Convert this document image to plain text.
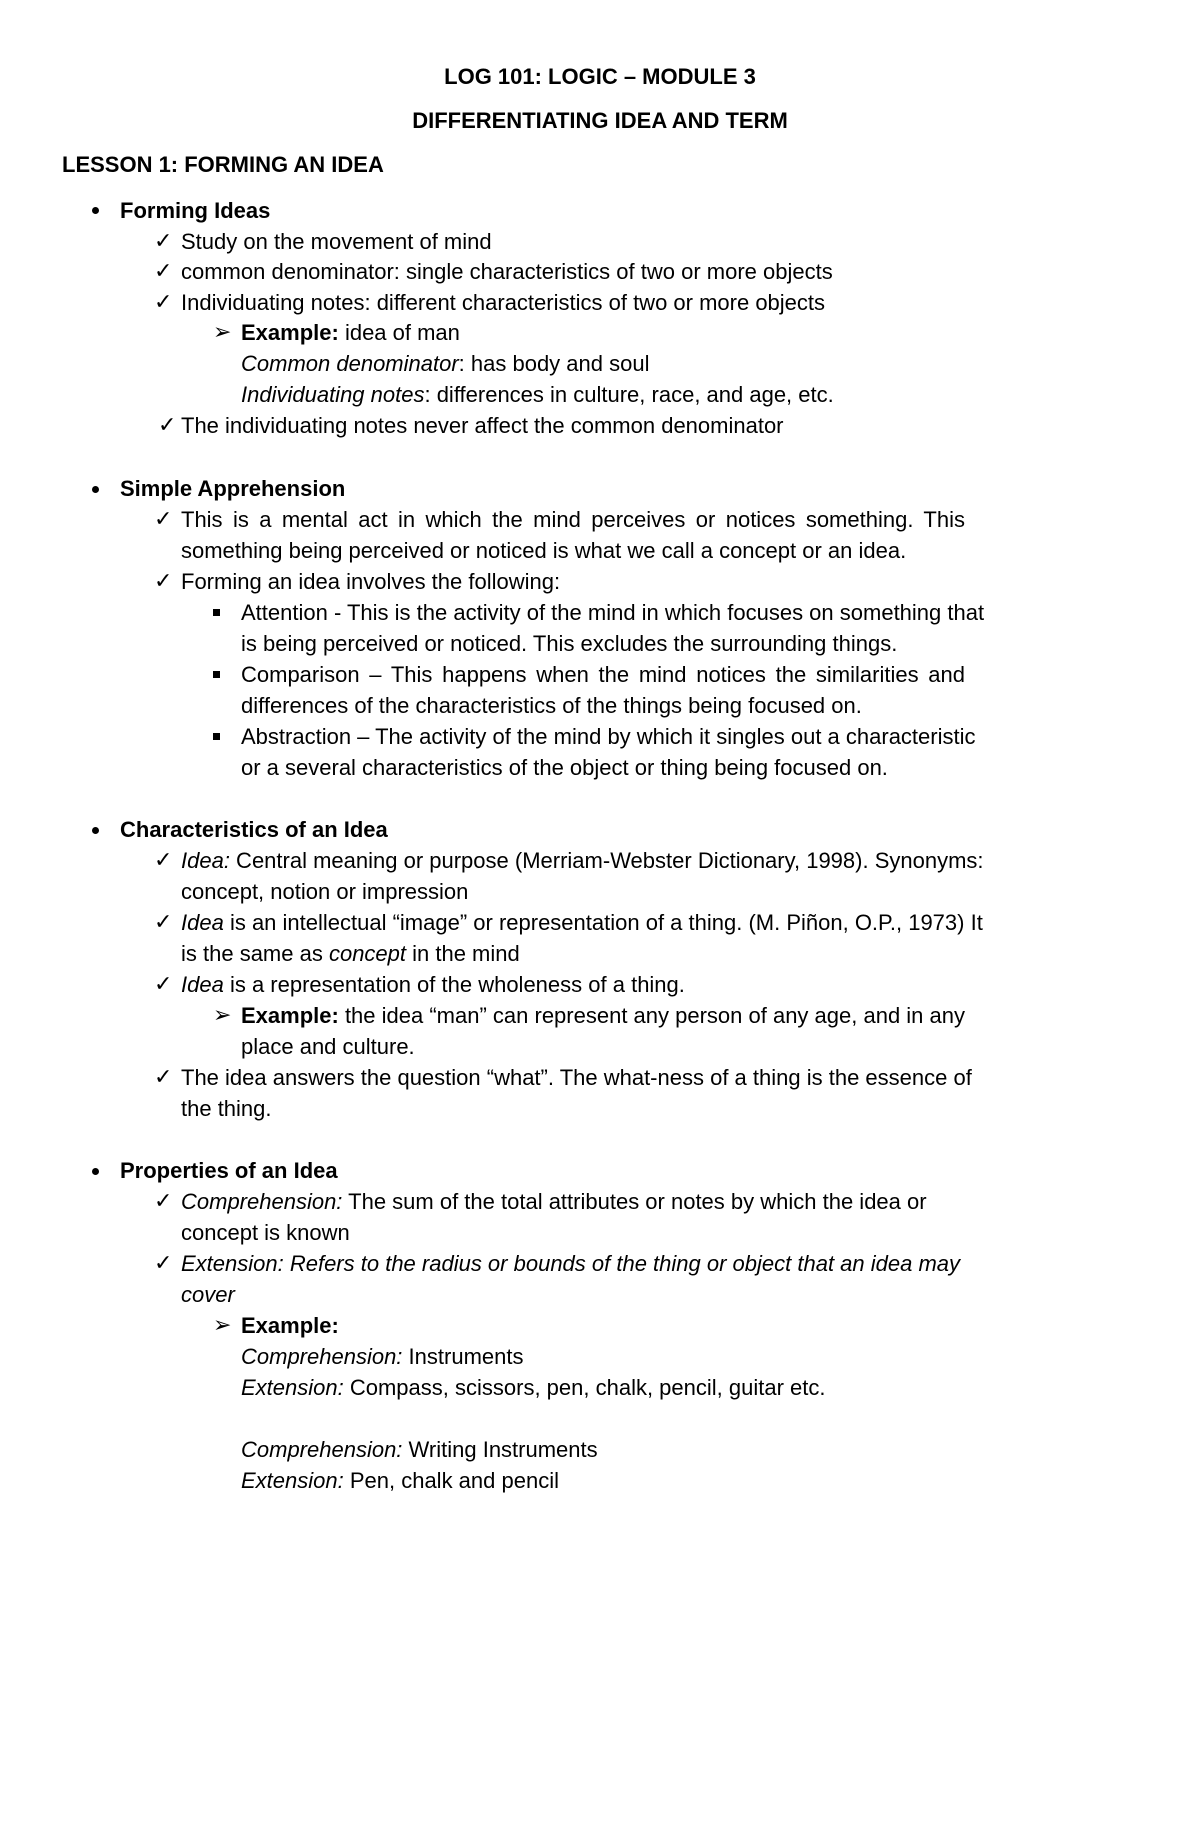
LOG 101: LOGIC – MODULE 3
DIFFERENTIATING IDEA AND TERM
LESSON 1: FORMING AN IDEA
Forming Ideas
✓ Study on the movement of mind
✓ common denominator: single characteristics of two or more objects
✓ Individuating notes: different characteristics of two or more objects
➢ Example: idea of man
Common denominator: has body and soul
Individuating notes: differences in culture, race, and age, etc.
✓ The individuating notes never affect the common denominator
Simple Apprehension
✓ This is a mental act in which the mind perceives or notices something. This
something being perceived or noticed is what we call a concept or an idea.
✓ Forming an idea involves the following:
Attention - This is the activity of the mind in which focuses on something that
is being perceived or noticed. This excludes the surrounding things.
Comparison – This happens when the mind notices the similarities and
differences of the characteristics of the things being focused on.
Abstraction – The activity of the mind by which it singles out a characteristic
or a several characteristics of the object or thing being focused on.
Characteristics of an Idea
✓ Idea: Central meaning or purpose (Merriam-Webster Dictionary, 1998). Synonyms:
concept, notion or impression
✓ Idea is an intellectual “image” or representation of a thing. (M. Piñon, O.P., 1973) It
is the same as concept in the mind
✓ Idea is a representation of the wholeness of a thing.
➢ Example: the idea “man” can represent any person of any age, and in any
place and culture.
✓ The idea answers the question “what”. The what-ness of a thing is the essence of
the thing.
Properties of an Idea
✓ Comprehension: The sum of the total attributes or notes by which the idea or
concept is known
✓ Extension: Refers to the radius or bounds of the thing or object that an idea may
cover
➢ Example:
Comprehension: Instruments
Extension: Compass, scissors, pen, chalk, pencil, guitar etc.
Comprehension: Writing Instruments
Extension: Pen, chalk and pencil
